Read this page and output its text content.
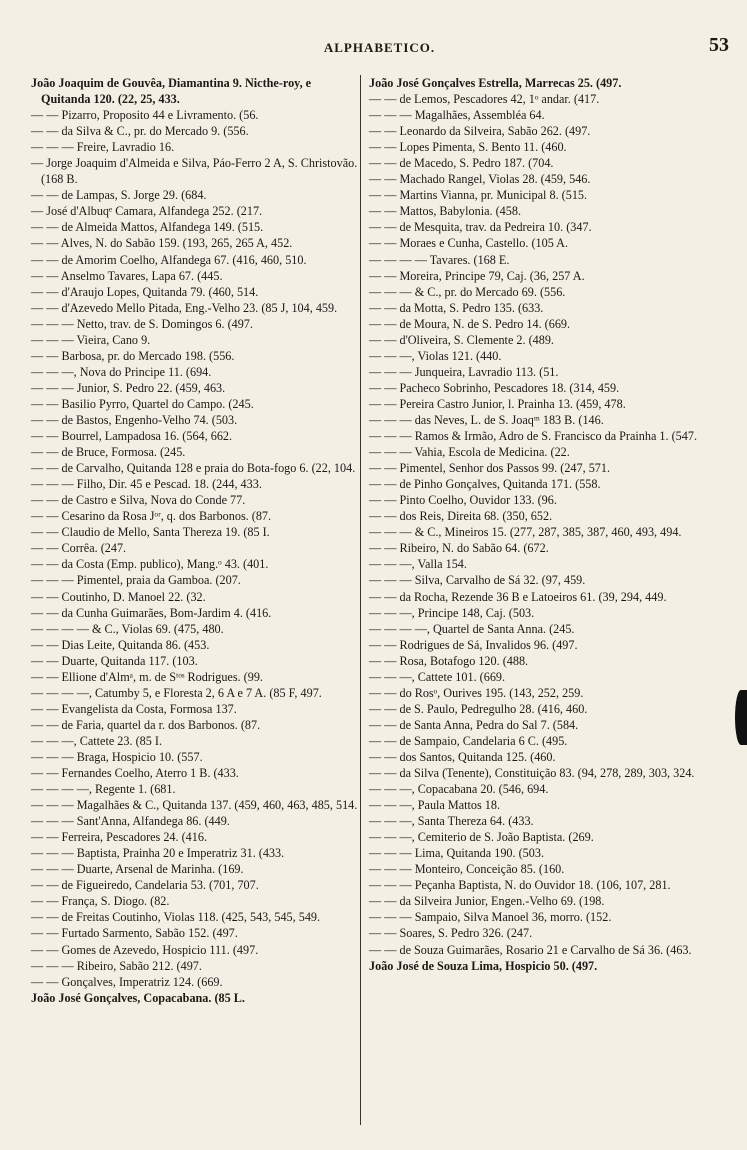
ALPHABETICO.	53
João Joaquim de Gouvêa, Diamantina 9. Nicthe-roy, e Quitanda 120. (22, 25, 433.
— — Pizarro, Proposito 44 e Livramento. (56.
— — da Silva & C., pr. do Mercado 9. (556.
— — — Freire, Lavradio 16.
— Jorge Joaquim d'Almeida e Silva, Páo-Ferro 2 A, S. Christovão. (168 B.
— — de Lampas, S. Jorge 29. (684.
— José d'Albuqᵉ Camara, Alfandega 252. (217.
— — de Almeida Mattos, Alfandega 149. (515.
— — Alves, N. do Sabão 159. (193, 265, 265 A, 452.
— — de Amorim Coelho, Alfandega 67. (416, 460, 510.
— — Anselmo Tavares, Lapa 67. (445.
— — d'Araujo Lopes, Quitanda 79. (460, 514.
— — d'Azevedo Mello Pitada, Eng.-Velho 23. (85 J, 104, 459.
— — — Netto, trav. de S. Domingos 6. (497.
— — — Vieira, Cano 9.
— — Barbosa, pr. do Mercado 198. (556.
— — —, Nova do Principe 11. (694.
— — — Junior, S. Pedro 22. (459, 463.
— — Basilio Pyrro, Quartel do Campo. (245.
— — de Bastos, Engenho-Velho 74. (503.
— — Bourrel, Lampadosa 16. (564, 662.
— — de Bruce, Formosa. (245.
— — de Carvalho, Quitanda 128 e praia do Bota-fogo 6. (22, 104.
— — — Filho, Dir. 45 e Pescad. 18. (244, 433.
— — de Castro e Silva, Nova do Conde 77.
— — Cesarino da Rosa Jᵒʳ, q. dos Barbonos. (87.
— — Claudio de Mello, Santa Thereza 19. (85 I.
— — Corrêa. (247.
— — da Costa (Emp. publico), Mang.ᵒ 43. (401.
— — — Pimentel, praia da Gamboa. (207.
— — Coutinho, D. Manoel 22. (32.
— — da Cunha Guimarães, Bom-Jardim 4. (416.
— — — — & C., Violas 69. (475, 480.
— — Dias Leite, Quitanda 86. (453.
— — Duarte, Quitanda 117. (103.
— — Ellione d'Almᵃ, m. de Sᵗᵒˢ Rodrigues. (99.
— — — —, Catumby 5, e Floresta 2, 6 A e 7 A. (85 F, 497.
— — Evangelista da Costa, Formosa 137.
— — de Faria, quartel da r. dos Barbonos. (87.
— — —, Cattete 23. (85 I.
— — — Braga, Hospicio 10. (557.
— — Fernandes Coelho, Aterro 1 B. (433.
— — — —, Regente 1. (681.
— — — Magalhães & C., Quitanda 137. (459, 460, 463, 485, 514.
— — — Sant'Anna, Alfandega 86. (449.
— — Ferreira, Pescadores 24. (416.
— — — Baptista, Prainha 20 e Imperatriz 31. (433.
— — — Duarte, Arsenal de Marinha. (169.
— — de Figueiredo, Candelaria 53. (701, 707.
— — França, S. Diogo. (82.
— — de Freitas Coutinho, Violas 118. (425, 543, 545, 549.
— — Furtado Sarmento, Sabão 152. (497.
— — Gomes de Azevedo, Hospicio 111. (497.
— — — Ribeiro, Sabão 212. (497.
— — Gonçalves, Imperatriz 124. (669.
João José Gonçalves, Copacabana. (85 L.
João José Gonçalves Estrella, Marrecas 25. (497.
— — de Lemos, Pescadores 42, 1ᵒ andar. (417.
— — — Magalhães, Assembléa 64.
— — Leonardo da Silveira, Sabão 262. (497.
— — Lopes Pimenta, S. Bento 11. (460.
— — de Macedo, S. Pedro 187. (704.
— — Machado Rangel, Violas 28. (459, 546.
— — Martins Vianna, pr. Municipal 8. (515.
— — Mattos, Babylonia. (458.
— — de Mesquita, trav. da Pedreira 10. (347.
— — Moraes e Cunha, Castello. (105 A.
— — — — Tavares. (168 E.
— — Moreira, Principe 79, Caj. (36, 257 A.
— — — & C., pr. do Mercado 69. (556.
— — da Motta, S. Pedro 135. (633.
— — de Moura, N. de S. Pedro 14. (669.
— — d'Oliveira, S. Clemente 2. (489.
— — —, Violas 121. (440.
— — — Junqueira, Lavradio 113. (51.
— — Pacheco Sobrinho, Pescadores 18. (314, 459.
— — Pereira Castro Junior, l. Prainha 13. (459, 478.
— — — das Neves, L. de S. Joaqᵐ 183 B. (146.
— — — Ramos & Irmão, Adro de S. Francisco da Prainha 1. (547.
— — — Vahia, Escola de Medicina. (22.
— — Pimentel, Senhor dos Passos 99. (247, 571.
— — de Pinho Gonçalves, Quitanda 171. (558.
— — Pinto Coelho, Ouvidor 133. (96.
— — dos Reis, Direita 68. (350, 652.
— — — & C., Mineiros 15. (277, 287, 385, 387, 460, 493, 494.
— — Ribeiro, N. do Sabão 64. (672.
— — —, Valla 154.
— — — Silva, Carvalho de Sá 32. (97, 459.
— — da Rocha, Rezende 36 B e Latoeiros 61. (39, 294, 449.
— — —, Principe 148, Caj. (503.
— — — —, Quartel de Santa Anna. (245.
— — Rodrigues de Sá, Invalidos 96. (497.
— — Rosa, Botafogo 120. (488.
— — —, Cattete 101. (669.
— — do Rosᵒ, Ourives 195. (143, 252, 259.
— — de S. Paulo, Pedregulho 28. (416, 460.
— — de Santa Anna, Pedra do Sal 7. (584.
— — de Sampaio, Candelaria 6 C. (495.
— — dos Santos, Quitanda 125. (460.
— — da Silva (Tenente), Constituição 83. (94, 278, 289, 303, 324.
— — —, Copacabana 20. (546, 694.
— — —, Paula Mattos 18.
— — —, Santa Thereza 64. (433.
— — —, Cemiterio de S. João Baptista. (269.
— — — Lima, Quitanda 190. (503.
— — — Monteiro, Conceição 85. (160.
— — — Peçanha Baptista, N. do Ouvidor 18. (106, 107, 281.
— — da Silveira Junior, Engen.-Velho 69. (198.
— — — Sampaio, Silva Manoel 36, morro. (152.
— — Soares, S. Pedro 326. (247.
— — de Souza Guimarães, Rosario 21 e Carvalho de Sá 36. (463.
João José de Souza Lima, Hospicio 50. (497.
